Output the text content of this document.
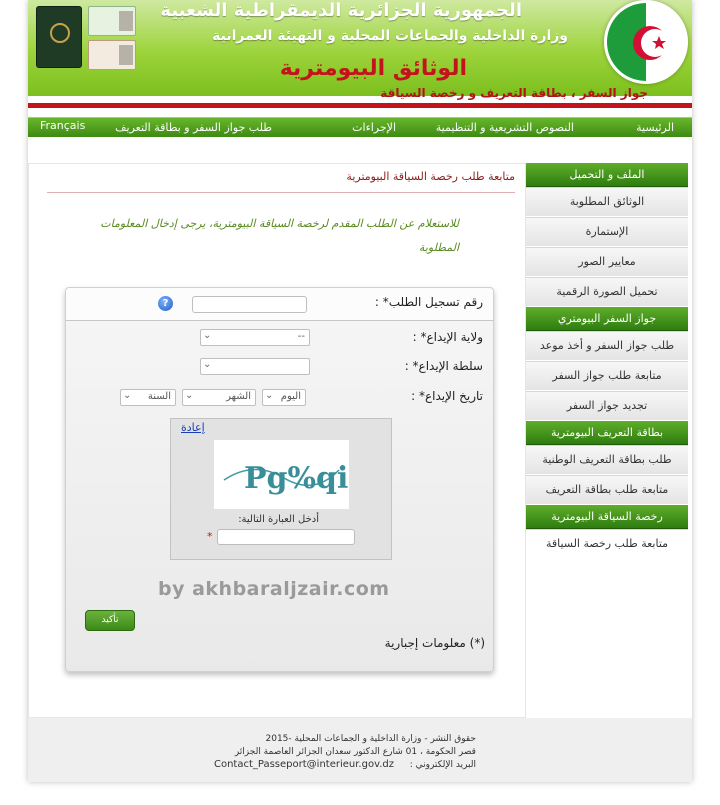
الجمهورية الجزائرية الديمقراطية الشعبية
وزارة الداخلية والجماعات المحلية و التهيئة العمرانية
الوثائق البيومترية
جواز السفر ، بطاقة التعريف و رخصة السياقة
الرئيسية
النصوص التشريعية و التنظيمية
الإجراءات
طلب جواز السفر و بطاقة التعريف
Français
متابعة طلب رخصة السياقة البيومترية
للاستعلام عن الطلب المقدم لرخصة السياقة البيومترية، يرجى إدخال المعلومات المطلوبة
رقم تسجيل الطلب* :
?
ولاية الإيداع* :
--
⌄
سلطة الإيداع* :
⌄
تاريخ الإيداع* :
اليوم
⌄
الشهر
⌄
السنة
⌄
إعادة
Pg%qi
أدخل العبارة التالية:
*
by akhbaraljzair.com
تأكيد
(*) معلومات إجبارية
الملف و التحميل
الوثائق المطلوبة
الإستمارة
معايير الصور
تحميل الصورة الرقمية
جواز السفر البيومتري
طلب جواز السفر و أخذ موعد
متابعة طلب جواز السفر
تجديد جواز السفر
بطاقة التعريف البيومترية
طلب بطاقة التعريف الوطنية
متابعة طلب بطاقة التعريف
رخصة السياقة البيومترية
متابعة طلب رخصة السياقة
حقوق النشر - وزارة الداخلية و الجماعات المحلية -2015
قصر الحكومة ، 01 شارع الدكتور سعدان الجزائر العاصمة الجزائر
البريد الإلكتروني :
Contact_Passeport@interieur.gov.dz
